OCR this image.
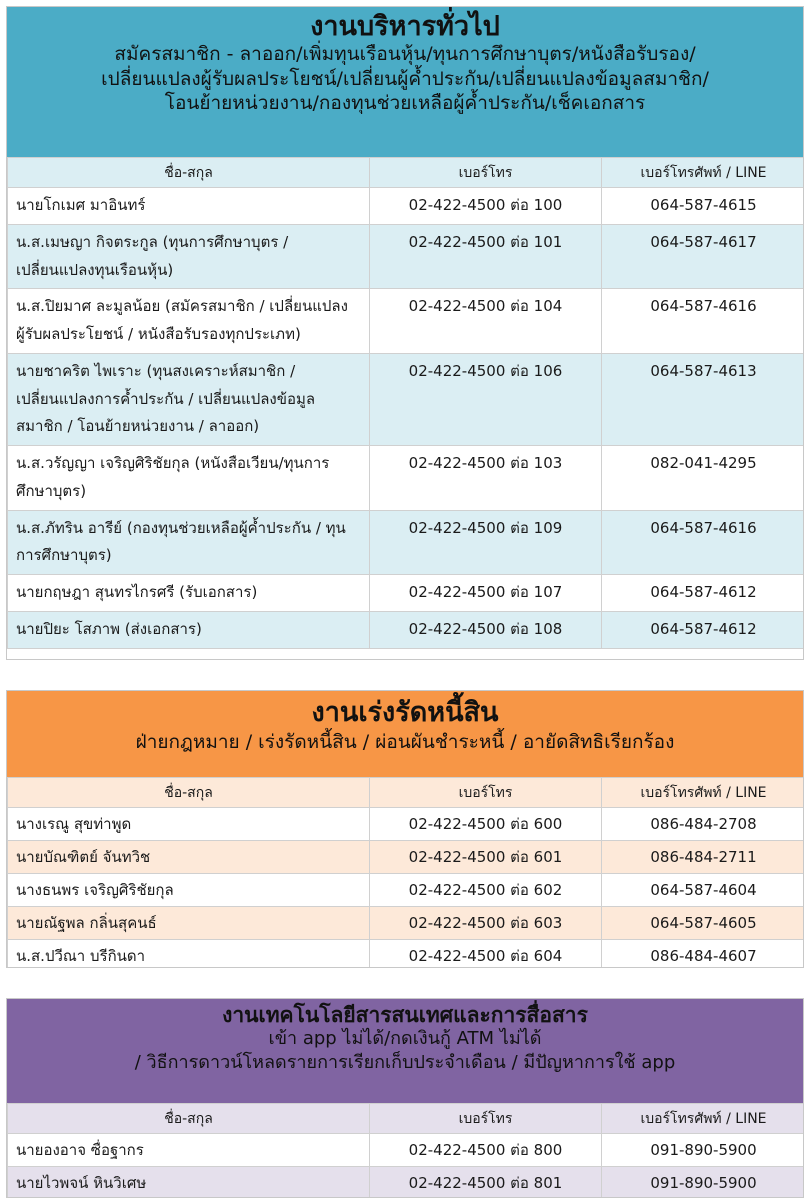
งานบริหารทั่วไป
สมัครสมาชิก - ลาออก/เพิ่มทุนเรือนหุ้น/ทุนการศึกษาบุตร/หนังสือรับรอง/
เปลี่ยนแปลงผู้รับผลประโยชน์/เปลี่ยนผู้ค้ำประกัน/เปลี่ยนแปลงข้อมูลสมาชิก/
โอนย้ายหน่วยงาน/กองทุนช่วยเหลือผู้ค้ำประกัน/เช็คเอกสาร
ชื่อ-สกุล	เบอร์โทร	เบอร์โทรศัพท์ / LINE
นายโกเมศ มาอินทร์	02-422-4500 ต่อ 100	064-587-4615
น.ส.เมษญา กิจตระกูล (ทุนการศึกษาบุตร / เปลี่ยนแปลงทุนเรือนหุ้น)	02-422-4500 ต่อ 101	064-587-4617
น.ส.ปิยมาศ ละมูลน้อย (สมัครสมาชิก / เปลี่ยนแปลงผู้รับผลประโยชน์ / หนังสือรับรองทุกประเภท)	02-422-4500 ต่อ 104	064-587-4616
นายชาคริต ไพเราะ (ทุนสงเคราะห์สมาชิก / เปลี่ยนแปลงการค้ำประกัน / เปลี่ยนแปลงข้อมูลสมาชิก / โอนย้ายหน่วยงาน / ลาออก)	02-422-4500 ต่อ 106	064-587-4613
น.ส.วรัญญา เจริญศิริชัยกุล (หนังสือเวียน/ทุนการศึกษาบุตร)	02-422-4500 ต่อ 103	082-041-4295
น.ส.ภัทริน อารีย์ (กองทุนช่วยเหลือผู้ค้ำประกัน / ทุนการศึกษาบุตร)	02-422-4500 ต่อ 109	064-587-4616
นายกฤษฎา สุนทรไกรศรี (รับเอกสาร)	02-422-4500 ต่อ 107	064-587-4612
นายปิยะ โสภาพ (ส่งเอกสาร)	02-422-4500 ต่อ 108	064-587-4612
งานเร่งรัดหนี้สิน
ฝ่ายกฎหมาย / เร่งรัดหนี้สิน / ผ่อนผันชำระหนี้ / อายัดสิทธิเรียกร้อง
ชื่อ-สกุล	เบอร์โทร	เบอร์โทรศัพท์ / LINE
นางเรณู สุขท่าพูด	02-422-4500 ต่อ 600	086-484-2708
นายบัณฑิตย์ จันทวิช	02-422-4500 ต่อ 601	086-484-2711
นางธนพร เจริญศิริชัยกุล	02-422-4500 ต่อ 602	064-587-4604
นายณัฐพล กลิ่นสุคนธ์	02-422-4500 ต่อ 603	064-587-4605
น.ส.ปวีณา บรีกินดา	02-422-4500 ต่อ 604	086-484-4607
งานเทคโนโลยีสารสนเทศและการสื่อสาร
เข้า app ไม่ได้/กดเงินกู้ ATM ไม่ได้
/ วิธีการดาวน์โหลดรายการเรียกเก็บประจำเดือน / มีปัญหาการใช้ app
ชื่อ-สกุล	เบอร์โทร	เบอร์โทรศัพท์ / LINE
นายองอาจ ซื่อฐากร	02-422-4500 ต่อ 800	091-890-5900
นายไวพจน์ หินวิเศษ	02-422-4500 ต่อ 801	091-890-5900
